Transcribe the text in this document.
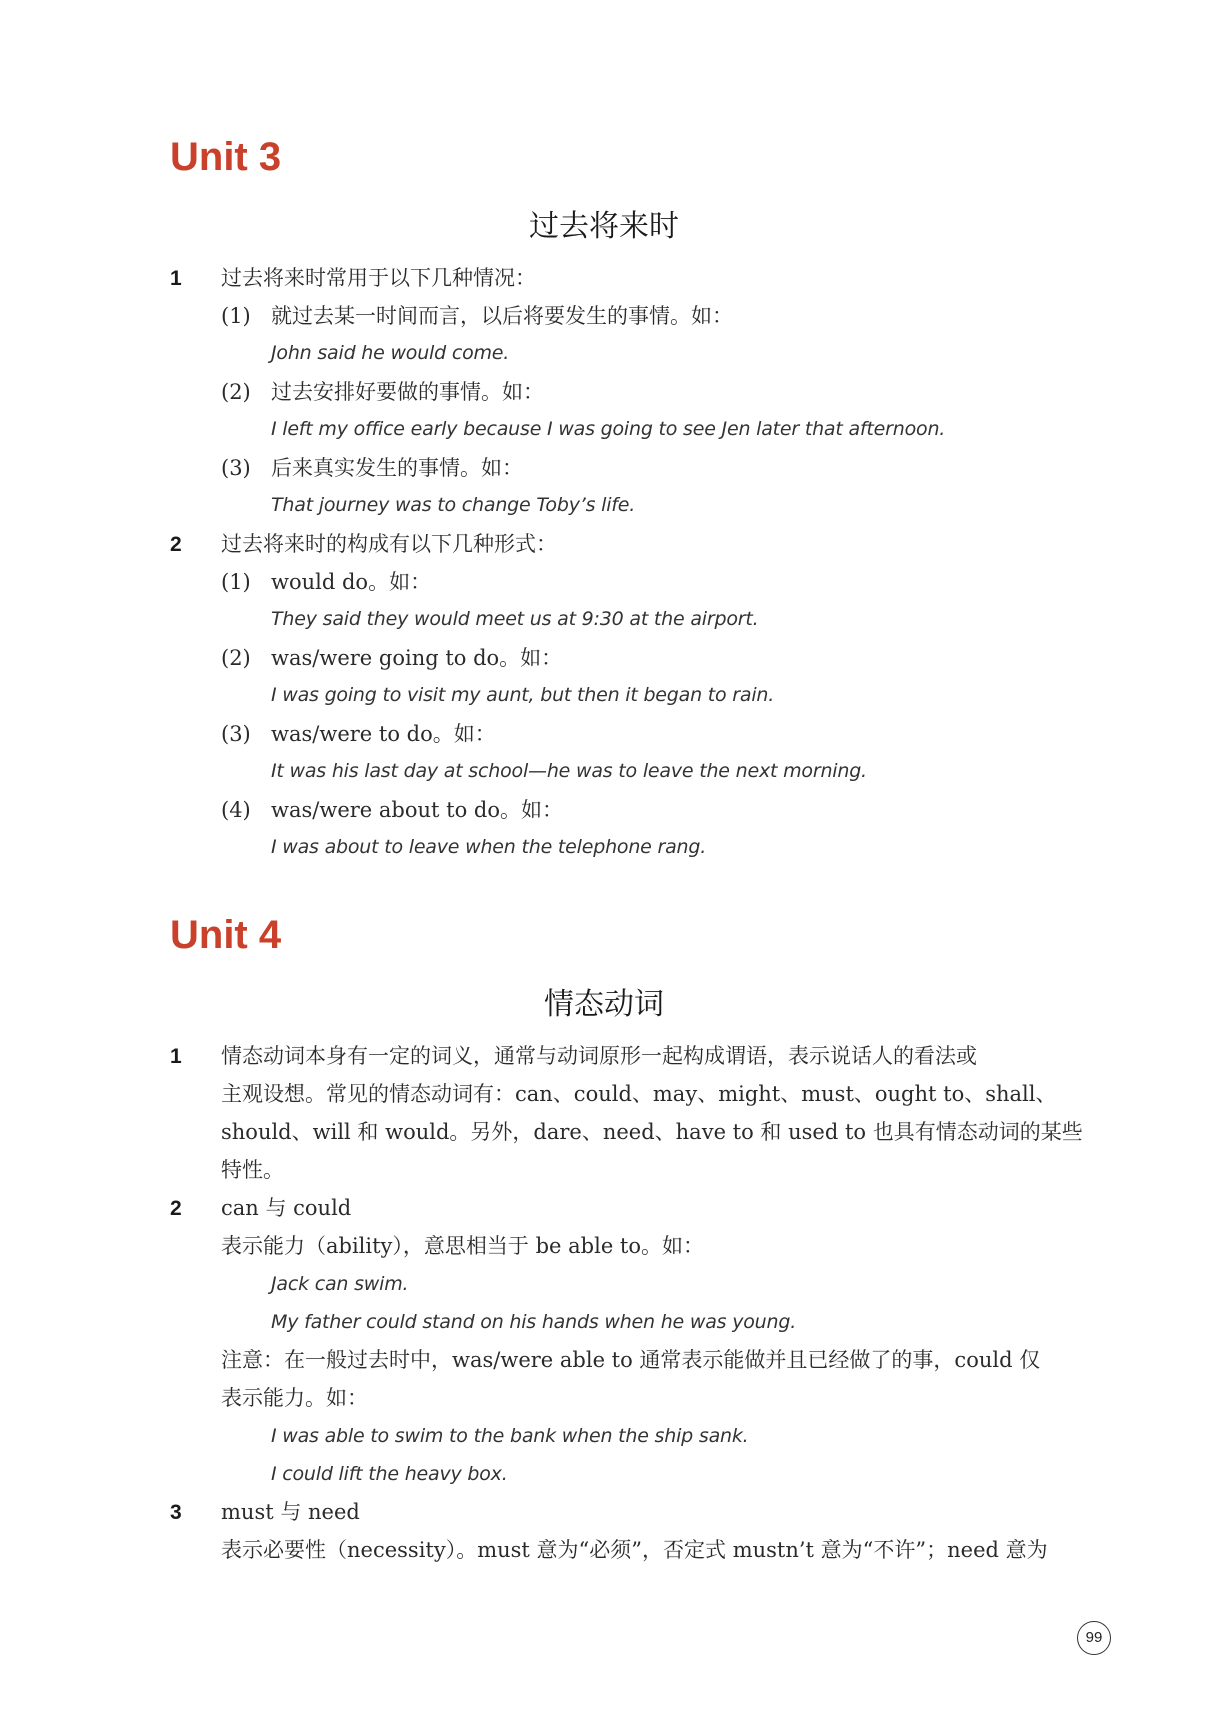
Unit 3
过去将来时
1 过去将来时常用于以下几种情况：
(1) 就过去某一时间而言，以后将要发生的事情。如：
John said he would come.
(2) 过去安排好要做的事情。如：
I left my office early because I was going to see Jen later that afternoon.
(3) 后来真实发生的事情。如：
That journey was to change Toby’s life.
2 过去将来时的构成有以下几种形式：
(1) would do。如：
They said they would meet us at 9:30 at the airport.
(2) was/were going to do。如：
I was going to visit my aunt, but then it began to rain.
(3) was/were to do。如：
It was his last day at school—he was to leave the next morning.
(4) was/were about to do。如：
I was about to leave when the telephone rang.
Unit 4
情态动词
1 情态动词本身有一定的词义，通常与动词原形一起构成谓语，表示说话人的看法或
主观设想。常见的情态动词有：can、could、may、might、must、ought to、shall、
should、will 和 would。另外，dare、need、have to 和 used to 也具有情态动词的某些
特性。
2 can 与 could
表示能力（ability），意思相当于 be able to。如：
Jack can swim.
My father could stand on his hands when he was young.
注意：在一般过去时中，was/were able to 通常表示能做并且已经做了的事，could 仅
表示能力。如：
I was able to swim to the bank when the ship sank.
I could lift the heavy box.
3 must 与 need
表示必要性（necessity）。must 意为“必须”，否定式 mustn’t 意为“不许”；need 意为
99
